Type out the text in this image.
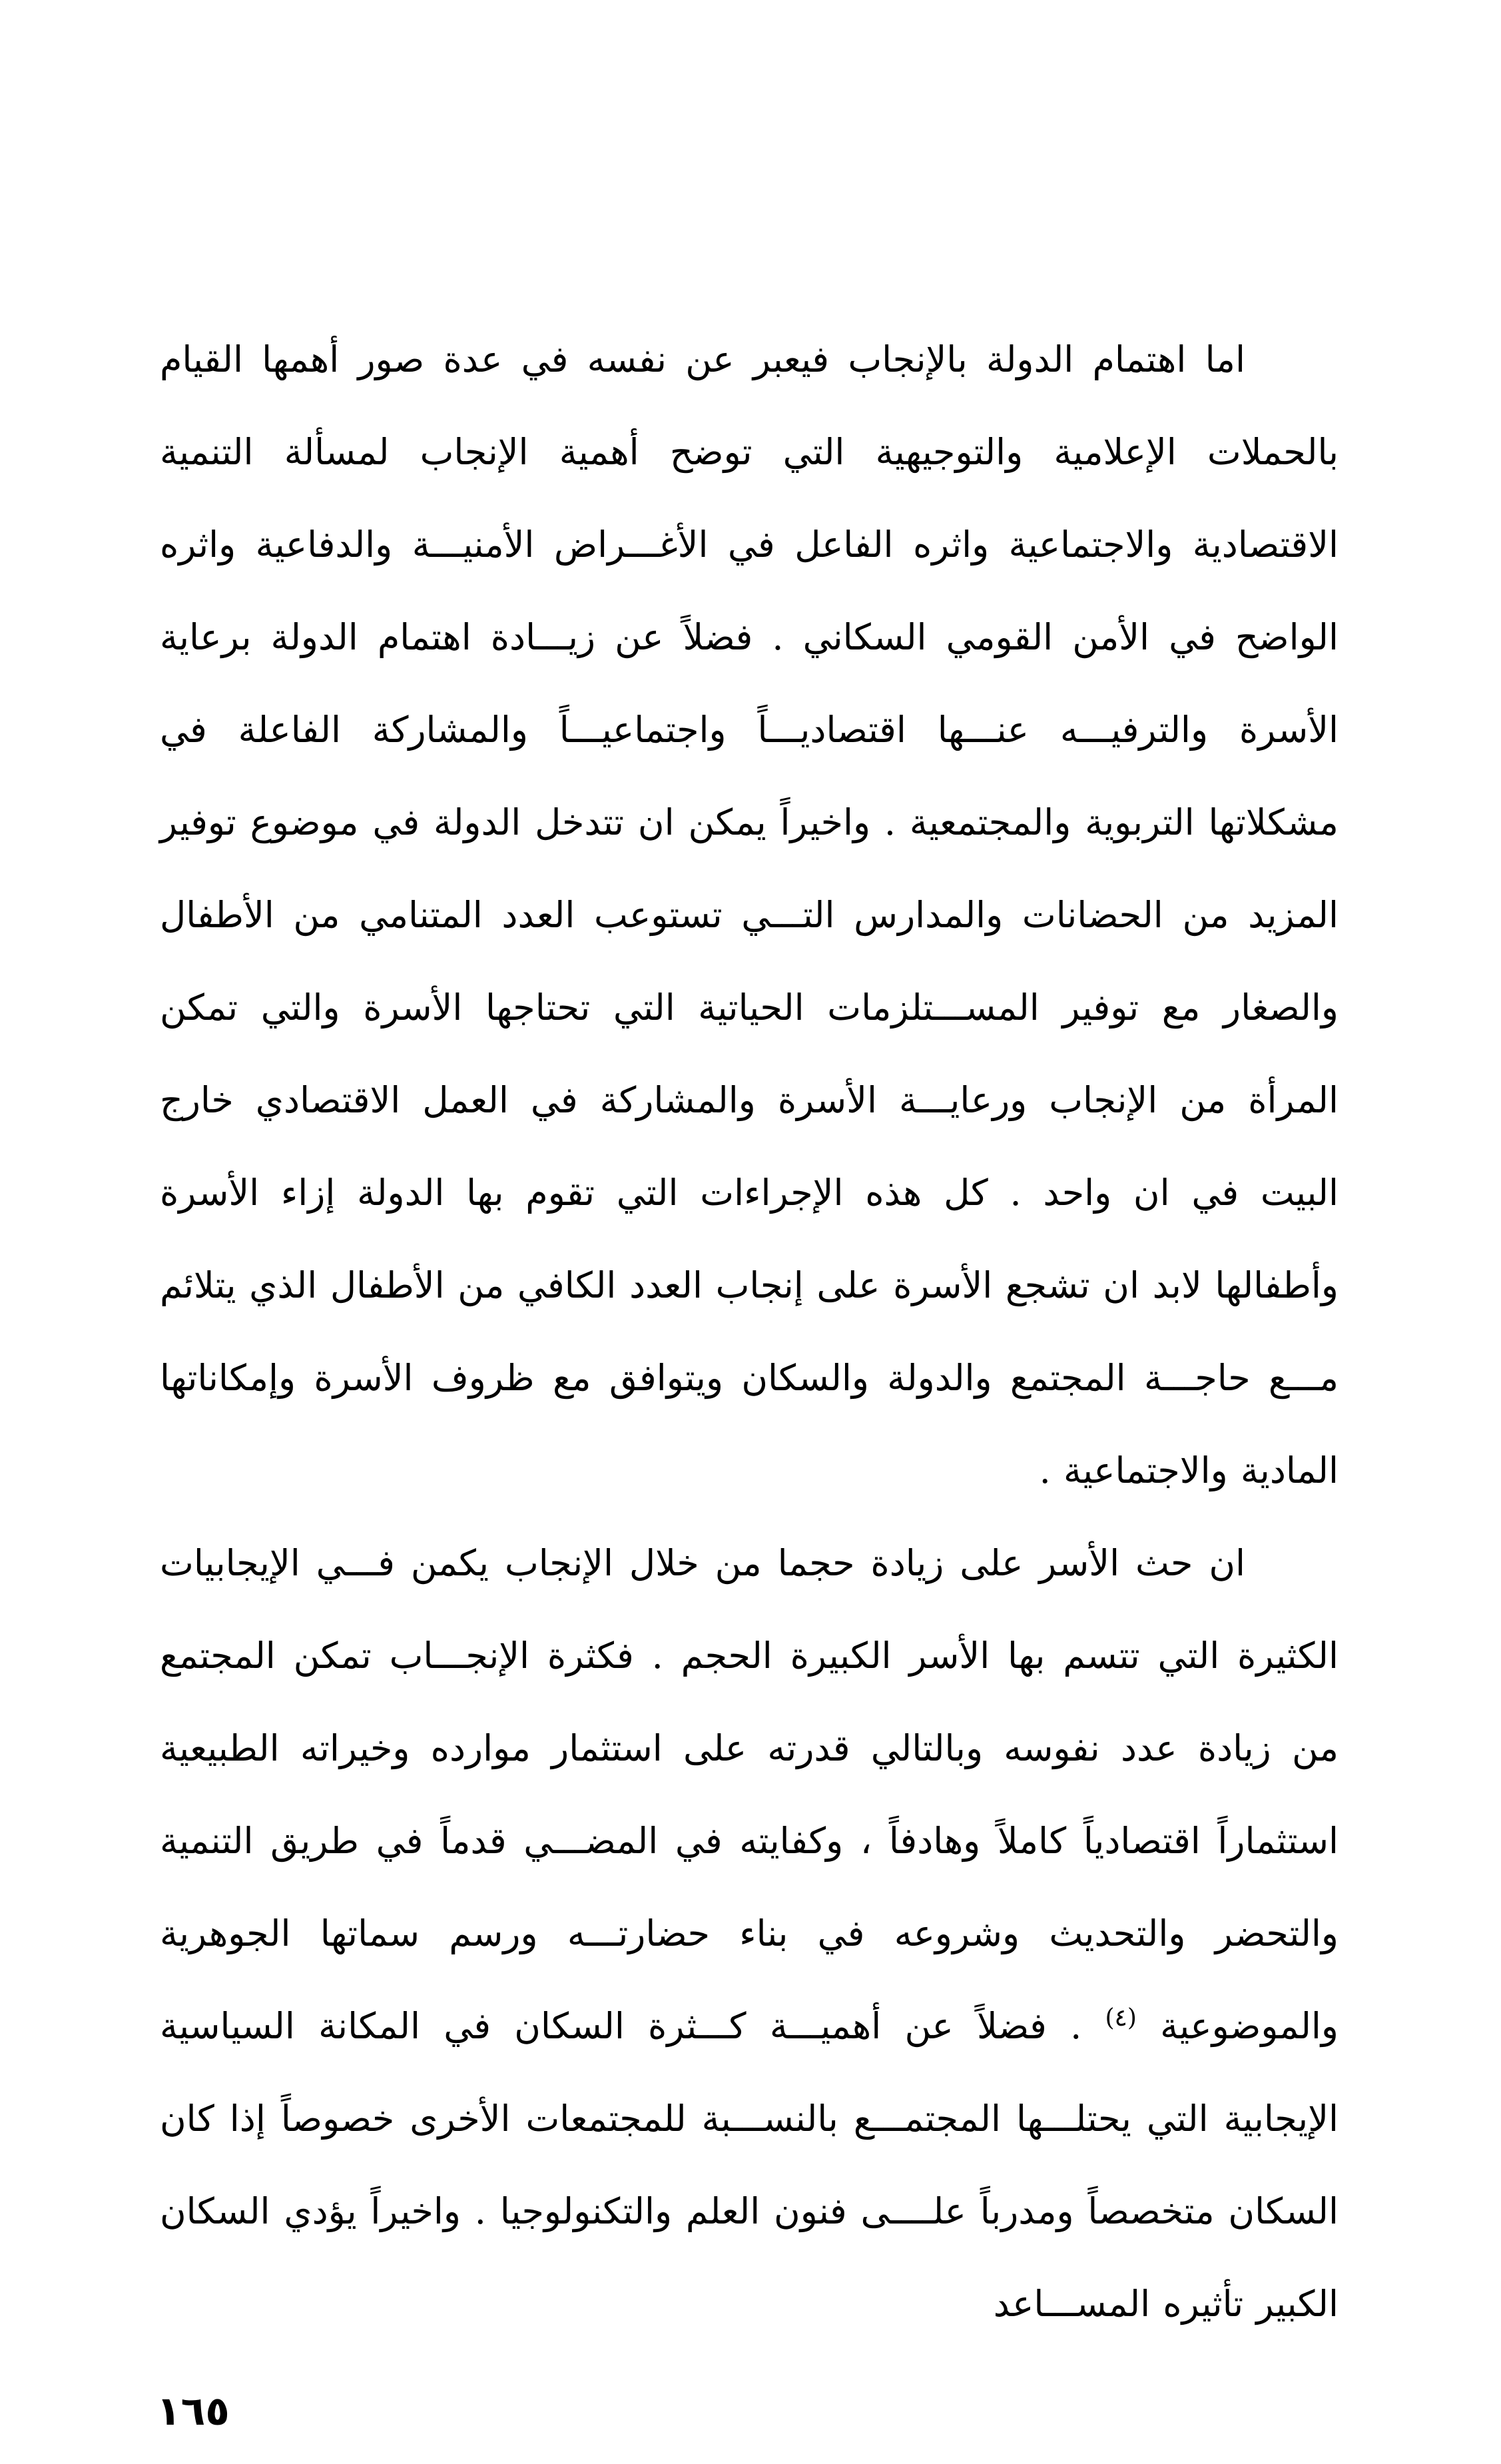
اما اهتمام الدولة بالإنجاب فيعبر عن نفسه في عدة صور أهمها القيام بالحملات الإعلامية والتوجيهية التي توضح أهمية الإنجاب لمسألة التنمية الاقتصادية والاجتماعية واثره الفاعل في الأغـــراض الأمنيـــة والدفاعية واثره الواضح في الأمن القومي السكاني . فضلاً عن زيـــادة اهتمام الدولة برعاية الأسرة والترفيـــه عنـــها اقتصاديـــاً واجتماعيـــاً والمشاركة الفاعلة في مشكلاتها التربوية والمجتمعية . واخيراً يمكن ان تتدخل الدولة في موضوع توفير المزيد من الحضانات والمدارس التـــي تستوعب العدد المتنامي من الأطفال والصغار مع توفير المســـتلزمات الحياتية التي تحتاجها الأسرة والتي تمكن المرأة من الإنجاب ورعايـــة الأسرة والمشاركة في العمل الاقتصادي خارج البيت في ان واحد . كل هذه الإجراءات التي تقوم بها الدولة إزاء الأسرة وأطفالها لابد ان تشجع الأسرة على إنجاب العدد الكافي من الأطفال الذي يتلائم مـــع حاجـــة المجتمع والدولة والسكان ويتوافق مع ظروف الأسرة وإمكاناتها المادية والاجتماعية .

ان حث الأسر على زيادة حجما من خلال الإنجاب يكمن فـــي الإيجابيات الكثيرة التي تتسم بها الأسر الكبيرة الحجم . فكثرة الإنجـــاب تمكن المجتمع من زيادة عدد نفوسه وبالتالي قدرته على استثمار موارده وخيراته الطبيعية استثماراً اقتصادياً كاملاً وهادفاً ، وكفايته في المضـــي قدماً في طريق التنمية والتحضر والتحديث وشروعه في بناء حضارتـــه ورسم سماتها الجوهرية والموضوعية $^{(٤)}$ . فضلاً عن أهميـــة كـــثرة السكان في المكانة السياسية الإيجابية التي يحتلـــها المجتمـــع بالنســـبة للمجتمعات الأخرى خصوصاً إذا كان السكان متخصصاً ومدرباً علــــى فنون العلم والتكنولوجيا . واخيراً يؤدي السكان الكبير تأثيره المســـاعد

١٦٥
